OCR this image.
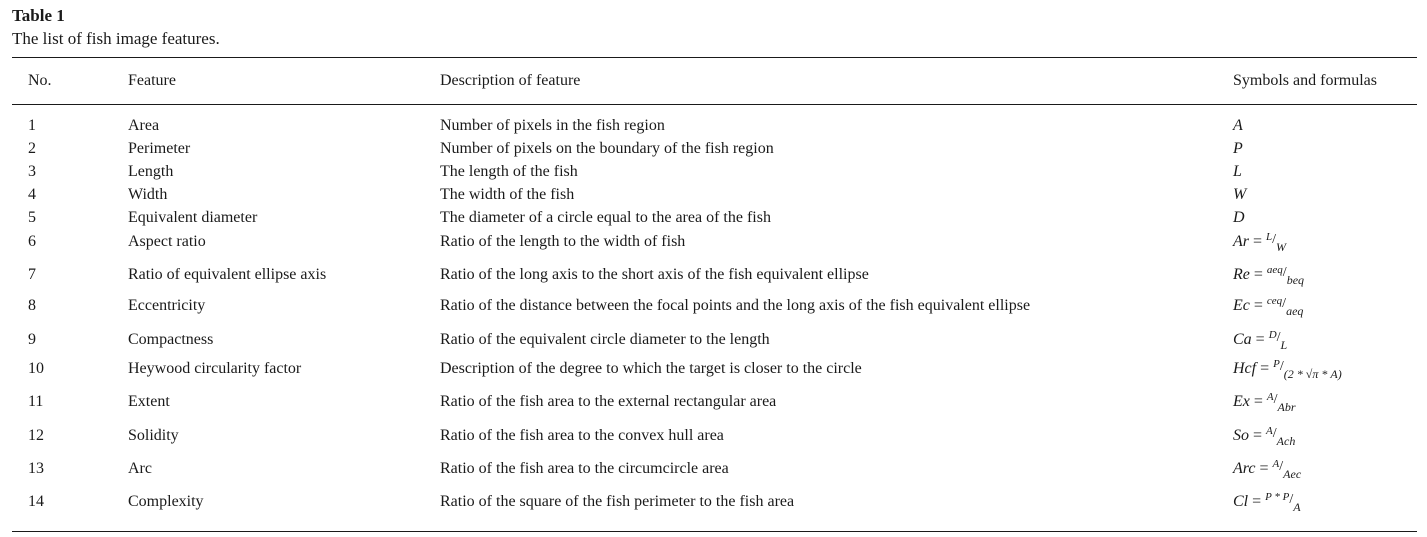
Table 1
The list of fish image features.
No.	Feature	Description of feature	Symbols and formulas
1	Area	Number of pixels in the fish region	A
2	Perimeter	Number of pixels on the boundary of the fish region	P
3	Length	The length of the fish	L
4	Width	The width of the fish	W
5	Equivalent diameter	The diameter of a circle equal to the area of the fish	D
6	Aspect ratio	Ratio of the length to the width of fish	$Ar = ^L/_W$
7	Ratio of equivalent ellipse axis	Ratio of the long axis to the short axis of the fish equivalent ellipse	$Re = ^{aeq}/_{beq}$
8	Eccentricity	Ratio of the distance between the focal points and the long axis of the fish equivalent ellipse	$Ec = ^{ceq}/_{aeq}$
9	Compactness	Ratio of the equivalent circle diameter to the length	$Ca = ^D/_L$
10	Heywood circularity factor	Description of the degree to which the target is closer to the circle	Hcf = $^P/_{(2 * √\pi * A)}$
11	Extent	Ratio of the fish area to the external rectangular area	$Ex = ^A/_{Abr}$
12	Solidity	Ratio of the fish area to the convex hull area	$So = ^A/_{Ach}$
13	Arc	Ratio of the fish area to the circumcircle area	Arc = $^A/_{Aec}$
14	Complexity	Ratio of the square of the fish perimeter to the fish area	$Cl = ^{P * P}/_A$
